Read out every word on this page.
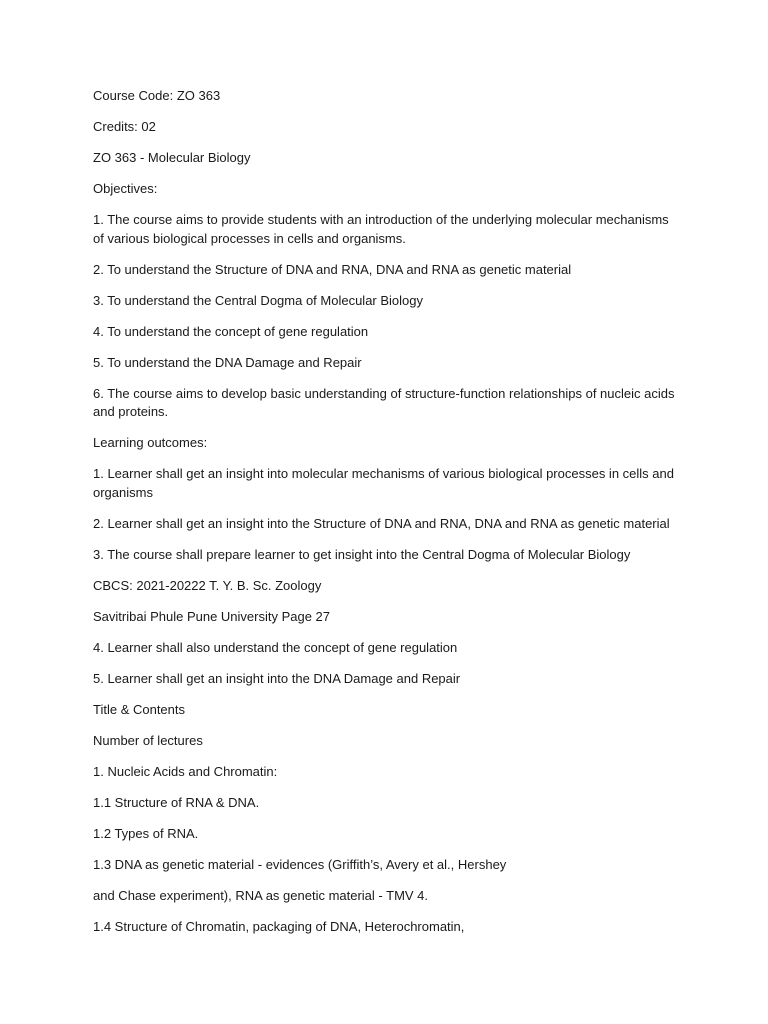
Course Code: ZO 363

Credits: 02

ZO 363 - Molecular Biology

Objectives:

1. The course aims to provide students with an introduction of the underlying molecular mechanisms of various biological processes in cells and organisms.

2. To understand the Structure of DNA and RNA, DNA and RNA as genetic material

3. To understand the Central Dogma of Molecular Biology

4. To understand the concept of gene regulation

5. To understand the DNA Damage and Repair

6. The course aims to develop basic understanding of structure-function relationships of nucleic acids and proteins.

Learning outcomes:

1. Learner shall get an insight into molecular mechanisms of various biological processes in cells and organisms

2. Learner shall get an insight into the Structure of DNA and RNA, DNA and RNA as genetic material

3. The course shall prepare learner to get insight into the Central Dogma of Molecular Biology

CBCS: 2021-20222 T. Y. B. Sc. Zoology

Savitribai Phule Pune University Page 27

4. Learner shall also understand the concept of gene regulation

5. Learner shall get an insight into the DNA Damage and Repair

Title & Contents

Number of lectures

1. Nucleic Acids and Chromatin:

1.1 Structure of RNA & DNA.

1.2 Types of RNA.

1.3 DNA as genetic material - evidences (Griffith’s, Avery et al., Hershey

and Chase experiment), RNA as genetic material - TMV 4.

1.4 Structure of Chromatin, packaging of DNA, Heterochromatin,
